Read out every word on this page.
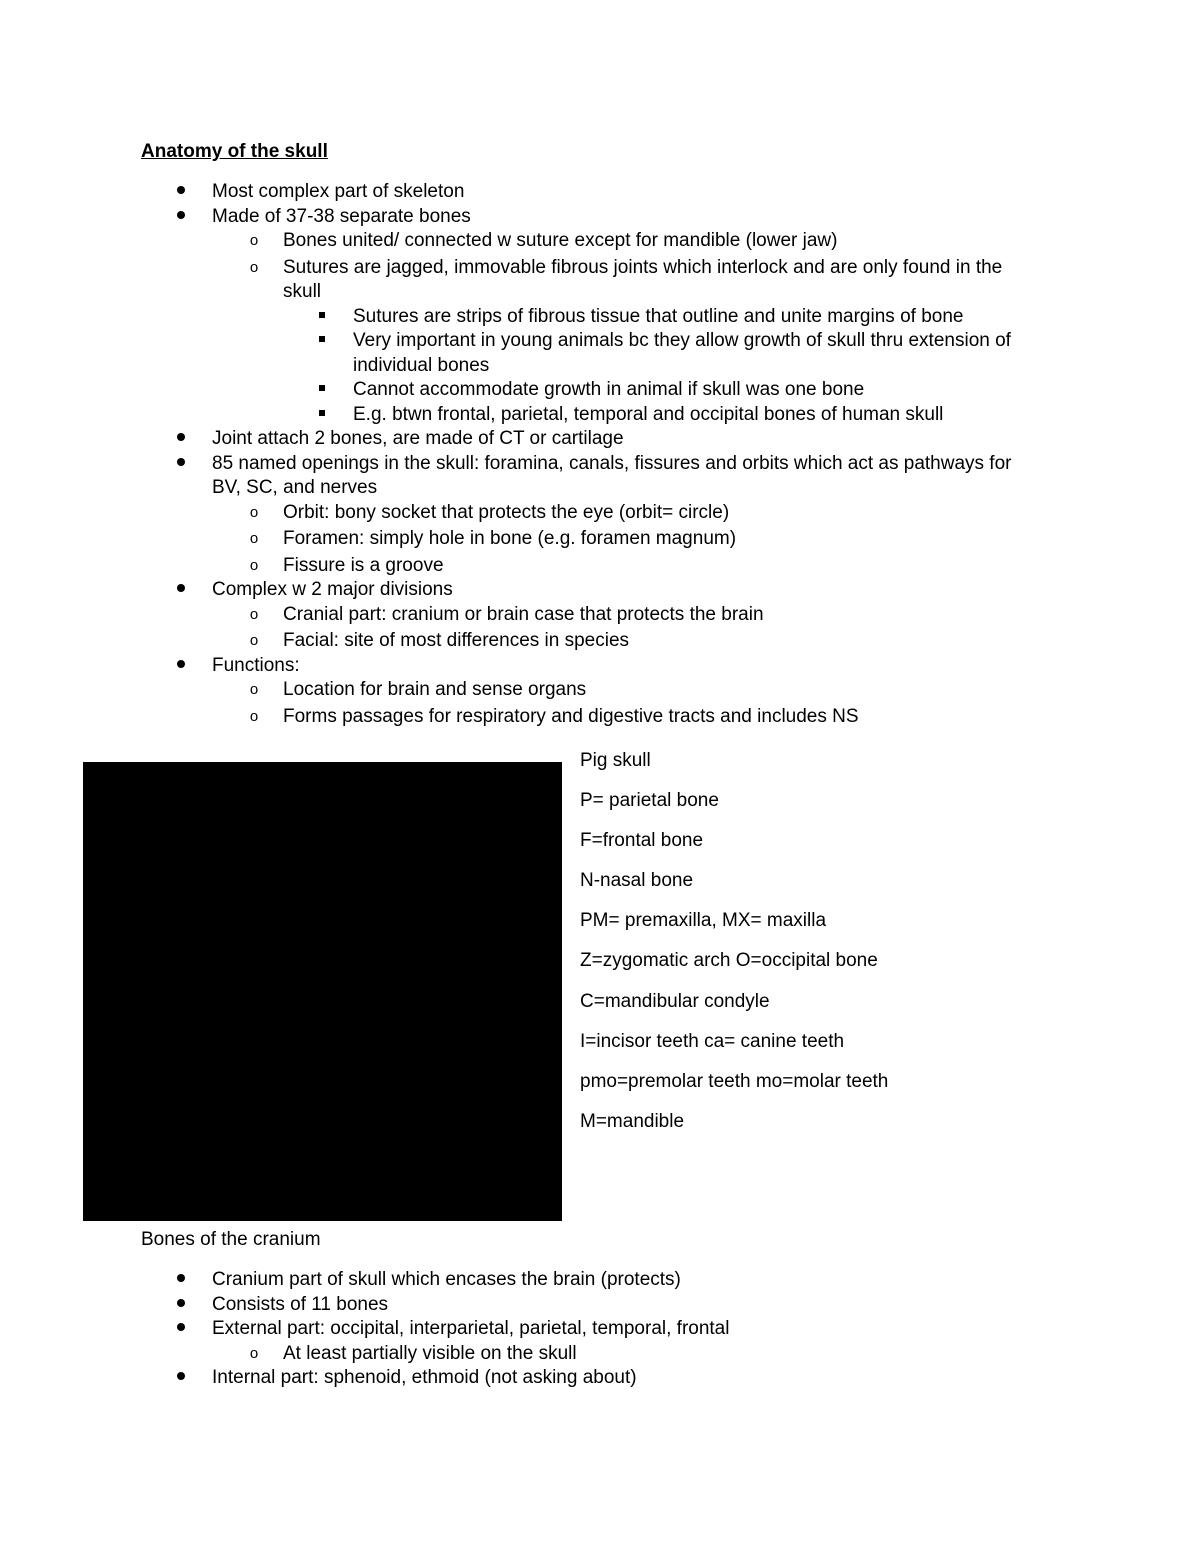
Anatomy of the skull
Most complex part of skeleton
Made of 37-38 separate bones
o	Bones united/ connected w suture except for mandible (lower jaw)
o	Sutures are jagged, immovable fibrous joints which interlock and are only found in the skull
Sutures are strips of fibrous tissue that outline and unite margins of bone
Very important in young animals bc they allow growth of skull thru extension of individual bones
Cannot accommodate growth in animal if skull was one bone
E.g. btwn frontal, parietal, temporal and occipital bones of human skull
Joint attach 2 bones, are made of CT or cartilage
85 named openings in the skull: foramina, canals, fissures and orbits which act as pathways for BV, SC, and nerves
o	Orbit: bony socket that protects the eye (orbit= circle)
o	Foramen: simply hole in bone (e.g. foramen magnum)
o	Fissure is a groove
Complex w 2 major divisions
o	Cranial part: cranium or brain case that protects the brain
o	Facial: site of most differences in species
Functions:
o	Location for brain and sense organs
o	Forms passages for respiratory and digestive tracts and includes NS

Pig skull

P= parietal bone

F=frontal bone

N-nasal bone

PM= premaxilla, MX= maxilla

Z=zygomatic arch O=occipital bone

C=mandibular condyle

I=incisor teeth ca= canine teeth

pmo=premolar teeth mo=molar teeth

M=mandible

Bones of the cranium
Cranium part of skull which encases the brain (protects)
Consists of 11 bones
External part: occipital, interparietal, parietal, temporal, frontal
o	At least partially visible on the skull
Internal part: sphenoid, ethmoid (not asking about)
